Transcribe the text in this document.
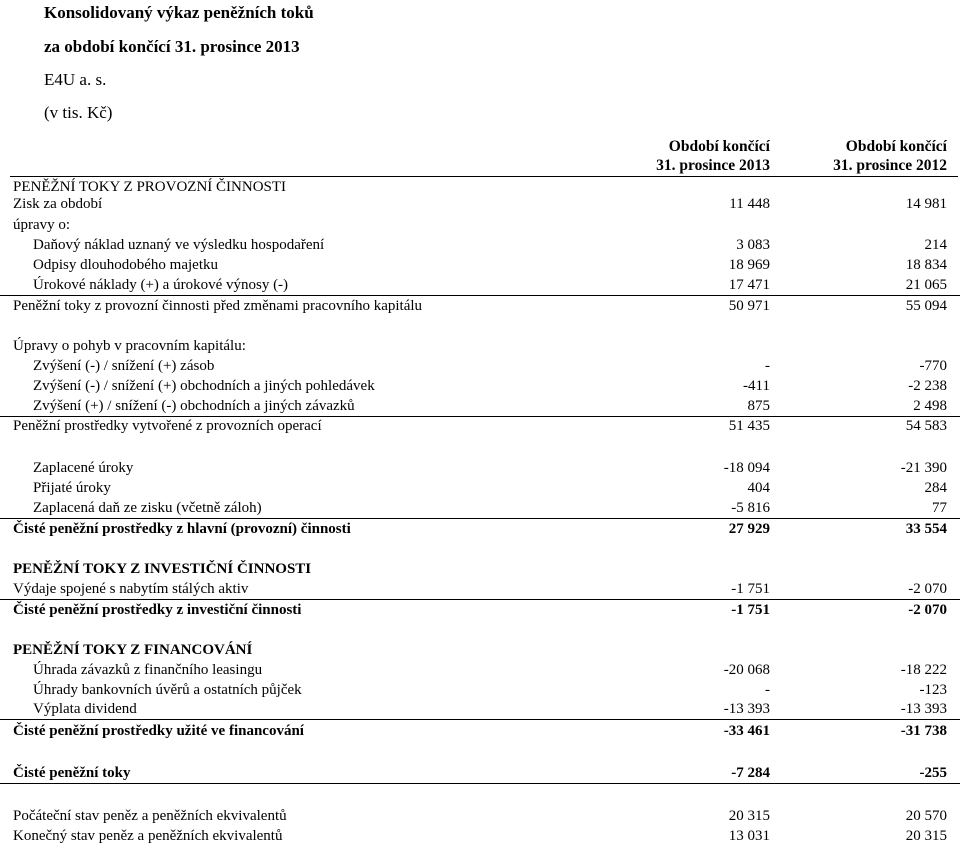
Konsolidovaný výkaz peněžních toků
za období končící 31. prosince 2013
E4U a. s.
(v tis. Kč)
Období končící
31. prosince 2013
Období končící
31. prosince 2012
PENĚŽNÍ TOKY Z PROVOZNÍ ČINNOSTI
Zisk za období	11 448	14 981
úpravy o:
Daňový náklad uznaný ve výsledku hospodaření	3 083	214
Odpisy dlouhodobého majetku	18 969	18 834
Úrokové náklady (+) a úrokové výnosy (-)	17 471	21 065
Peněžní toky z provozní činnosti před změnami pracovního kapitálu	50 971	55 094
Úpravy o pohyb v pracovním kapitálu:
Zvýšení (-) / snížení (+) zásob	-	-770
Zvýšení (-) / snížení (+) obchodních a jiných pohledávek	-411	-2 238
Zvýšení (+) / snížení (-) obchodních a jiných závazků	875	2 498
Peněžní prostředky vytvořené z provozních operací	51 435	54 583
Zaplacené úroky	-18 094	-21 390
Přijaté úroky	404	284
Zaplacená daň ze zisku (včetně záloh)	-5 816	77
Čisté peněžní prostředky z hlavní (provozní) činnosti	27 929	33 554
PENĚŽNÍ TOKY Z INVESTIČNÍ ČINNOSTI
Výdaje spojené s nabytím stálých aktiv	-1 751	-2 070
Čisté peněžní prostředky z investiční činnosti	-1 751	-2 070
PENĚŽNÍ TOKY Z FINANCOVÁNÍ
Úhrada závazků z finančního leasingu	-20 068	-18 222
Úhrady bankovních úvěrů a ostatních půjček	-	-123
Výplata dividend	-13 393	-13 393
Čisté peněžní prostředky užité ve financování	-33 461	-31 738
Čisté peněžní toky	-7 284	-255
Počáteční stav peněz a peněžních ekvivalentů	20 315	20 570
Konečný stav peněz a peněžních ekvivalentů	13 031	20 315
